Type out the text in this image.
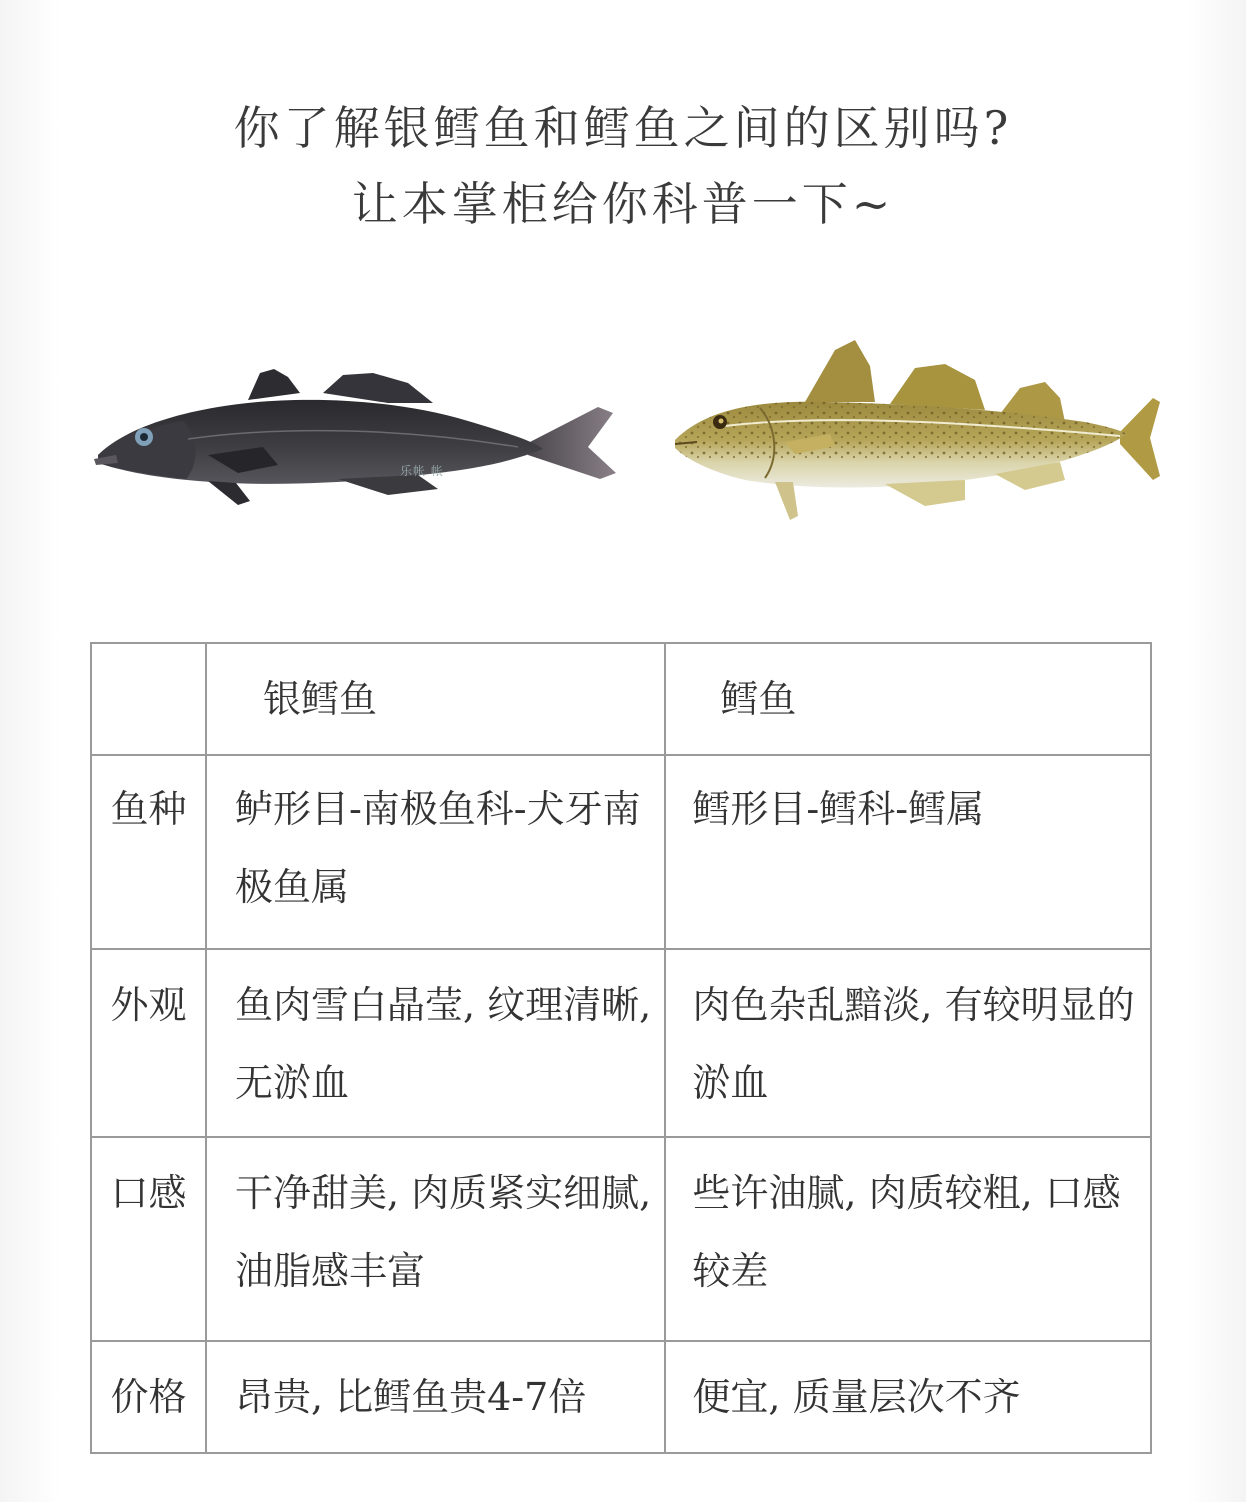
你了解银鳕鱼和鳕鱼之间的区别吗?
让本掌柜给你科普一下~
乐帐 帐
	银鳕鱼	鳕鱼
鱼种	鲈形目-南极鱼科-犬牙南极鱼属	鳕形目-鳕科-鳕属
外观	鱼肉雪白晶莹, 纹理清晰, 无淤血	肉色杂乱黯淡, 有较明显的淤血
口感	干净甜美, 肉质紧实细腻, 油脂感丰富	些许油腻, 肉质较粗, 口感较差
价格	昂贵, 比鳕鱼贵4-7倍	便宜, 质量层次不齐
